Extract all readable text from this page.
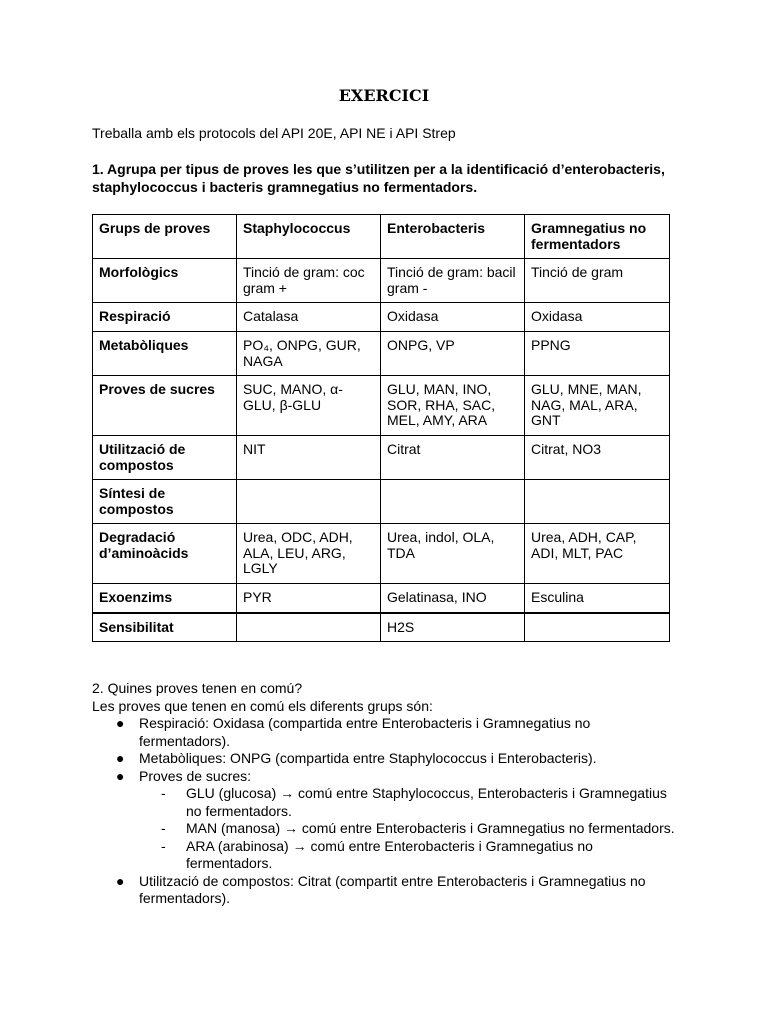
EXERCICI
Treballa amb els protocols del API 20E, API NE i API Strep
1. Agrupa per tipus de proves les que s’utilitzen per a la identificació d’enterobacteris, staphylococcus i bacteris gramnegatius no fermentadors.
Grups de proves	Staphylococcus	Enterobacteris	Gramnegatius no fermentadors
Morfològics	Tinció de gram: coc gram +	Tinció de gram: bacil gram -	Tinció de gram
Respiració	Catalasa	Oxidasa	Oxidasa
Metabòliques	PO₄, ONPG, GUR, NAGA	ONPG, VP	PPNG
Proves de sucres	SUC, MANO, α-GLU, β-GLU	GLU, MAN, INO, SOR, RHA, SAC, MEL, AMY, ARA	GLU, MNE, MAN, NAG, MAL, ARA, GNT
Utilització de compostos	NIT	Citrat	Citrat, NO3
Síntesi de compostos			
Degradació d’aminoàcids	Urea, ODC, ADH, ALA, LEU, ARG, LGLY	Urea, indol, OLA, TDA	Urea, ADH, CAP, ADI, MLT, PAC
Exoenzims	PYR	Gelatinasa, INO	Esculina
Sensibilitat		H2S	

2. Quines proves tenen en comú?

Les proves que tenen en comú els diferents grups són:

● Respiració: Oxidasa (compartida entre Enterobacteris i Gramnegatius no fermentadors).
● Metabòliques: ONPG (compartida entre Staphylococcus i Enterobacteris).
● Proves de sucres:
- GLU (glucosa) → comú entre Staphylococcus, Enterobacteris i Gramnegatius no fermentadors.
- MAN (manosa) → comú entre Enterobacteris i Gramnegatius no fermentadors.
- ARA (arabinosa) → comú entre Enterobacteris i Gramnegatius no fermentadors.
● Utilització de compostos: Citrat (compartit entre Enterobacteris i Gramnegatius no fermentadors).
